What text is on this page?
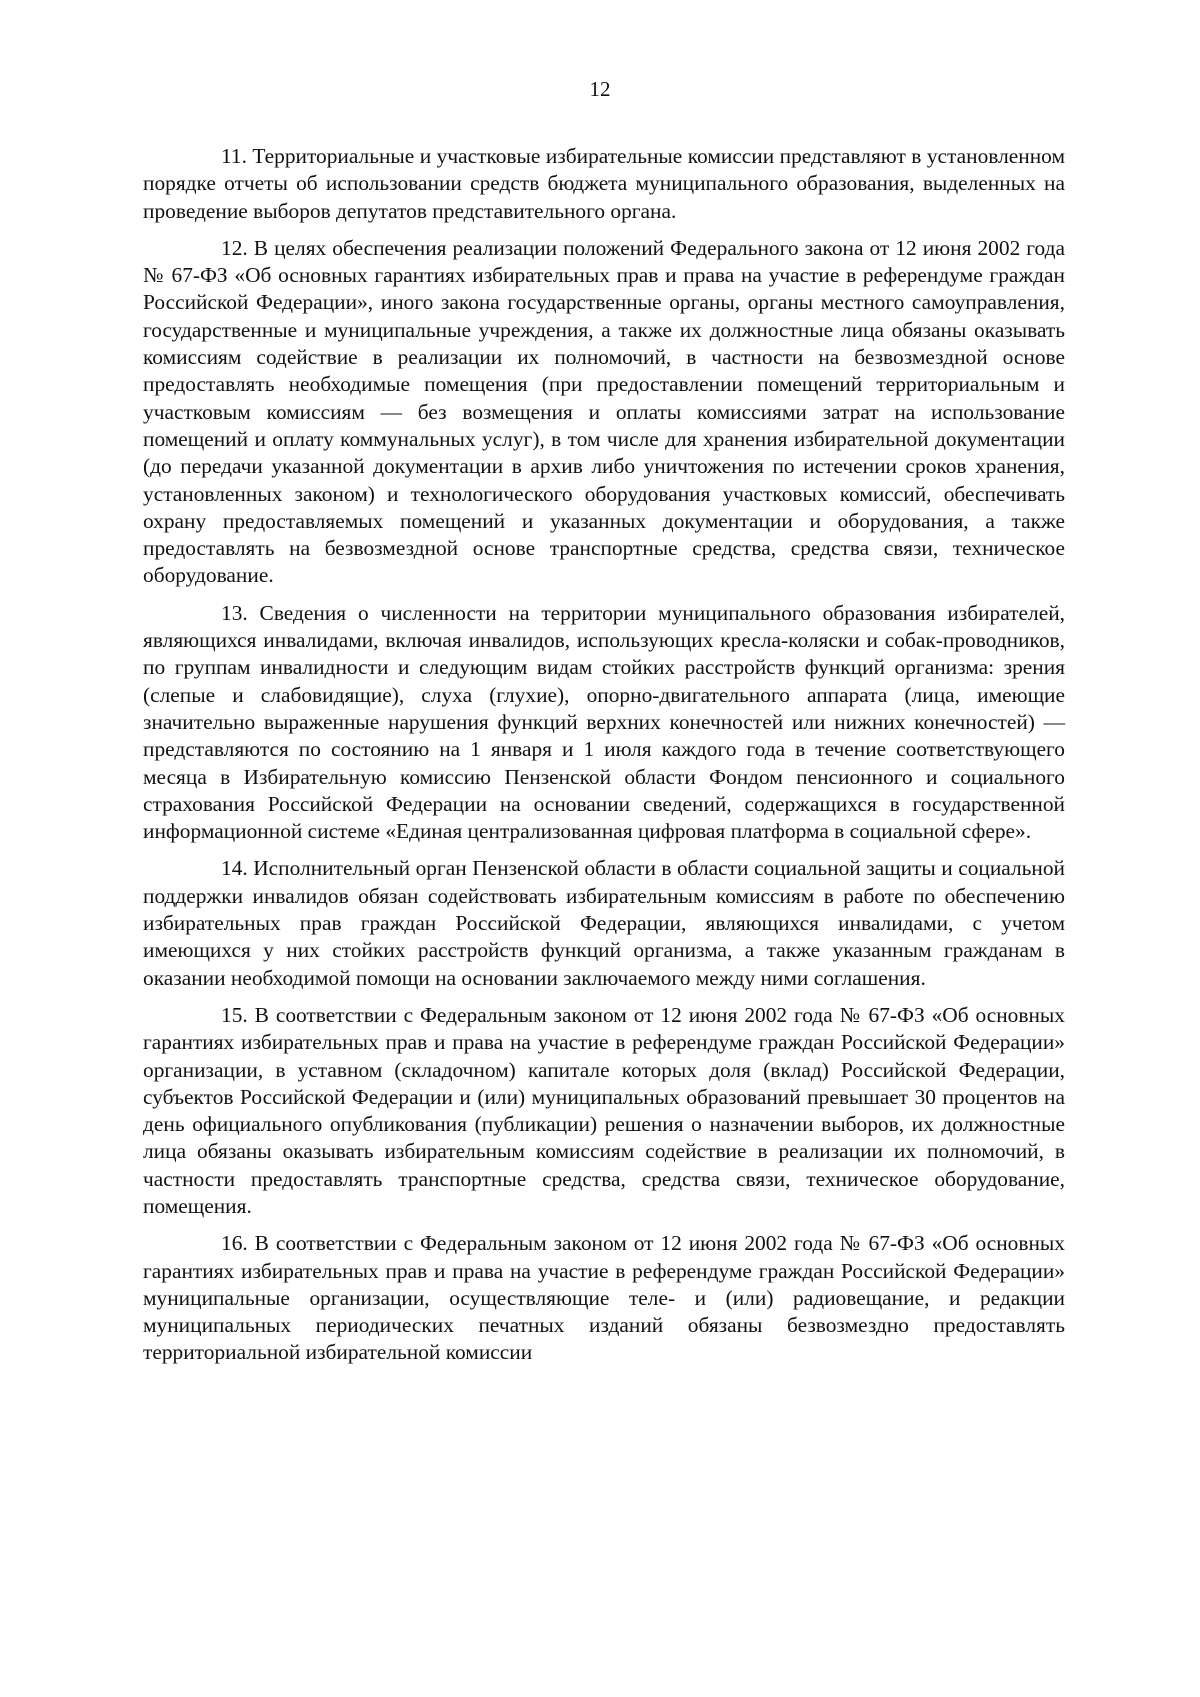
12

11. Территориальные и участковые избирательные комиссии представляют в установленном порядке отчеты об использовании средств бюджета муниципального образования, выделенных на проведение выборов депутатов представительного органа.

12. В целях обеспечения реализации положений Федерального закона от 12 июня 2002 года № 67-ФЗ «Об основных гарантиях избирательных прав и права на участие в референдуме граждан Российской Федерации», иного закона государственные органы, органы местного самоуправления, государственные и муниципальные учреждения, а также их должностные лица обязаны оказывать комиссиям содействие в реализации их полномочий, в частности на безвозмездной основе предоставлять необходимые помещения (при предоставлении помещений территориальным и участковым комиссиям — без возмещения и оплаты комиссиями затрат на использование помещений и оплату коммунальных услуг), в том числе для хранения избирательной документации (до передачи указанной документации в архив либо уничтожения по истечении сроков хранения, установленных законом) и технологического оборудования участковых комиссий, обеспечивать охрану предоставляемых помещений и указанных документации и оборудования, а также предоставлять на безвозмездной основе транспортные средства, средства связи, техническое оборудование.

13. Сведения о численности на территории муниципального образования избирателей, являющихся инвалидами, включая инвалидов, использующих кресла-коляски и собак-проводников, по группам инвалидности и следующим видам стойких расстройств функций организма: зрения (слепые и слабовидящие), слуха (глухие), опорно-двигательного аппарата (лица, имеющие значительно выраженные нарушения функций верхних конечностей или нижних конечностей) — представляются по состоянию на 1 января и 1 июля каждого года в течение соответствующего месяца в Избирательную комиссию Пензенской области Фондом пенсионного и социального страхования Российской Федерации на основании сведений, содержащихся в государственной информационной системе «Единая централизованная цифровая платформа в социальной сфере».

14. Исполнительный орган Пензенской области в области социальной защиты и социальной поддержки инвалидов обязан содействовать избирательным комиссиям в работе по обеспечению избирательных прав граждан Российской Федерации, являющихся инвалидами, с учетом имеющихся у них стойких расстройств функций организма, а также указанным гражданам в оказании необходимой помощи на основании заключаемого между ними соглашения.

15. В соответствии с Федеральным законом от 12 июня 2002 года № 67-ФЗ «Об основных гарантиях избирательных прав и права на участие в референдуме граждан Российской Федерации» организации, в уставном (складочном) капитале которых доля (вклад) Российской Федерации, субъектов Российской Федерации и (или) муниципальных образований превышает 30 процентов на день официального опубликования (публикации) решения о назначении выборов, их должностные лица обязаны оказывать избирательным комиссиям содействие в реализации их полномочий, в частности предоставлять транспортные средства, средства связи, техническое оборудование, помещения.

16. В соответствии с Федеральным законом от 12 июня 2002 года № 67-ФЗ «Об основных гарантиях избирательных прав и права на участие в референдуме граждан Российской Федерации» муниципальные организации, осуществляющие теле- и (или) радиовещание, и редакции муниципальных периодических печатных изданий обязаны безвозмездно предоставлять территориальной избирательной комиссии
